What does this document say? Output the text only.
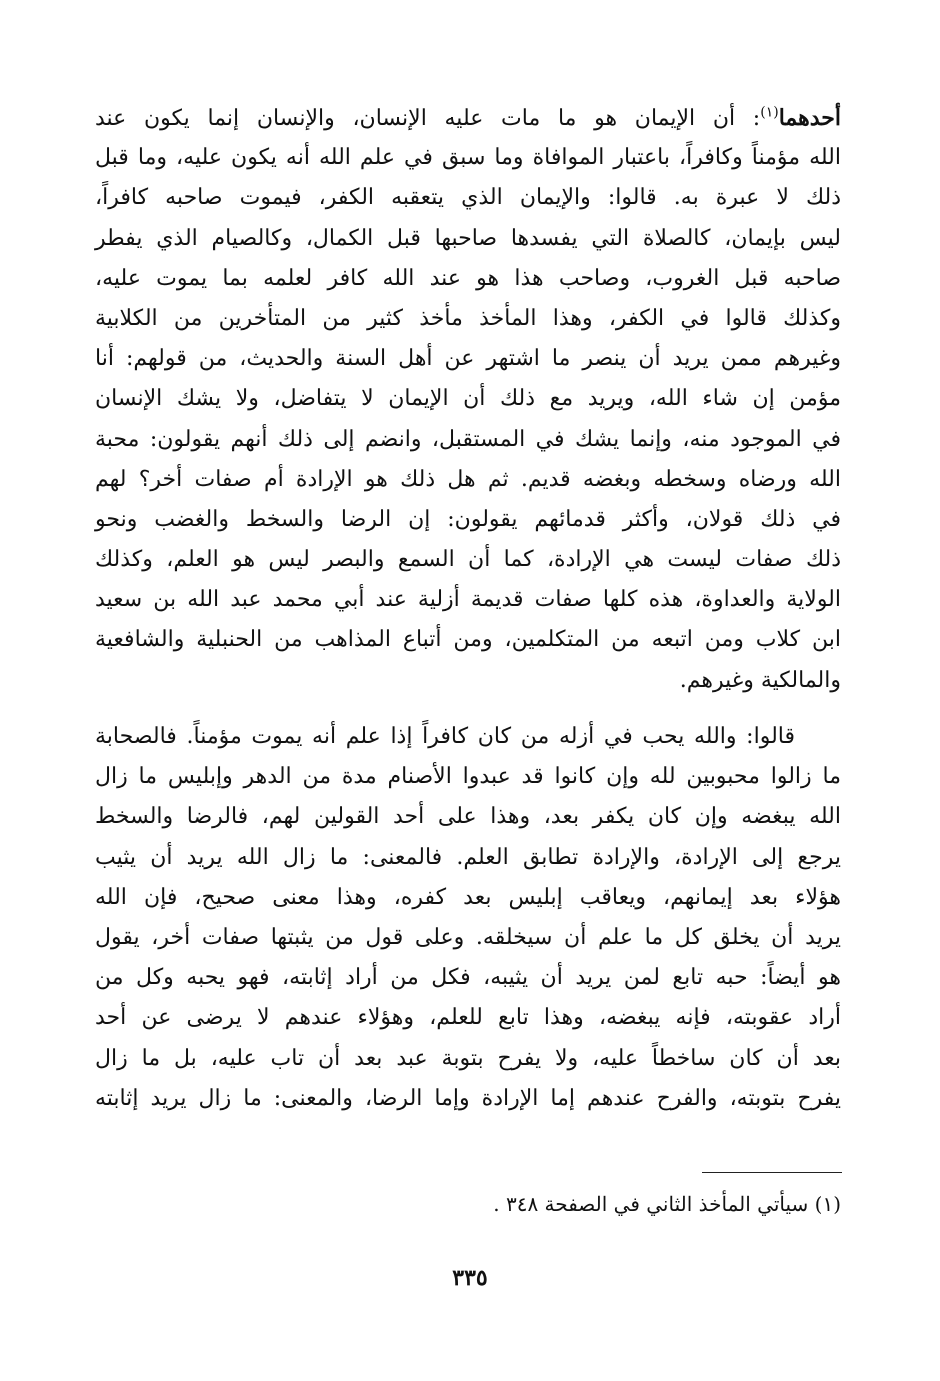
أحدهما$^{(١)}$: أن الإيمان هو ما مات عليه الإنسان، والإنسان إنما يكون عند
الله مؤمناً وكافراً، باعتبار الموافاة وما سبق في علم الله أنه يكون عليه، وما قبل
ذلك لا عبرة به. قالوا: والإيمان الذي يتعقبه الكفر، فيموت صاحبه كافراً،
ليس بإيمان، كالصلاة التي يفسدها صاحبها قبل الكمال، وكالصيام الذي يفطر
صاحبه قبل الغروب، وصاحب هذا هو عند الله كافر لعلمه بما يموت عليه،
وكذلك قالوا في الكفر، وهذا المأخذ مأخذ كثير من المتأخرين من الكلابية
وغيرهم ممن يريد أن ينصر ما اشتهر عن أهل السنة والحديث، من قولهم: أنا
مؤمن إن شاء الله، ويريد مع ذلك أن الإيمان لا يتفاضل، ولا يشك الإنسان
في الموجود منه، وإنما يشك في المستقبل، وانضم إلى ذلك أنهم يقولون: محبة
الله ورضاه وسخطه وبغضه قديم. ثم هل ذلك هو الإرادة أم صفات أخر؟ لهم
في ذلك قولان، وأكثر قدمائهم يقولون: إن الرضا والسخط والغضب ونحو
ذلك صفات ليست هي الإرادة، كما أن السمع والبصر ليس هو العلم، وكذلك
الولاية والعداوة، هذه كلها صفات قديمة أزلية عند أبي محمد عبد الله بن سعيد
ابن كلاب ومن اتبعه من المتكلمين، ومن أتباع المذاهب من الحنبلية والشافعية
والمالكية وغيرهم.
قالوا: والله يحب في أزله من كان كافراً إذا علم أنه يموت مؤمناً. فالصحابة
ما زالوا محبوبين لله وإن كانوا قد عبدوا الأصنام مدة من الدهر وإبليس ما زال
الله يبغضه وإن كان يكفر بعد، وهذا على أحد القولين لهم، فالرضا والسخط
يرجع إلى الإرادة، والإرادة تطابق العلم. فالمعنى: ما زال الله يريد أن يثيب
هؤلاء بعد إيمانهم، ويعاقب إبليس بعد كفره، وهذا معنى صحيح، فإن الله
يريد أن يخلق كل ما علم أن سيخلقه. وعلى قول من يثبتها صفات أخر، يقول
هو أيضاً: حبه تابع لمن يريد أن يثيبه، فكل من أراد إثابته، فهو يحبه وكل من
أراد عقوبته، فإنه يبغضه، وهذا تابع للعلم، وهؤلاء عندهم لا يرضى عن أحد
بعد أن كان ساخطاً عليه، ولا يفرح بتوبة عبد بعد أن تاب عليه، بل ما زال
يفرح بتوبته، والفرح عندهم إما الإرادة وإما الرضا، والمعنى: ما زال يريد إثابته
(١) سيأتي المأخذ الثاني في الصفحة ٣٤٨ .
٣٣٥
